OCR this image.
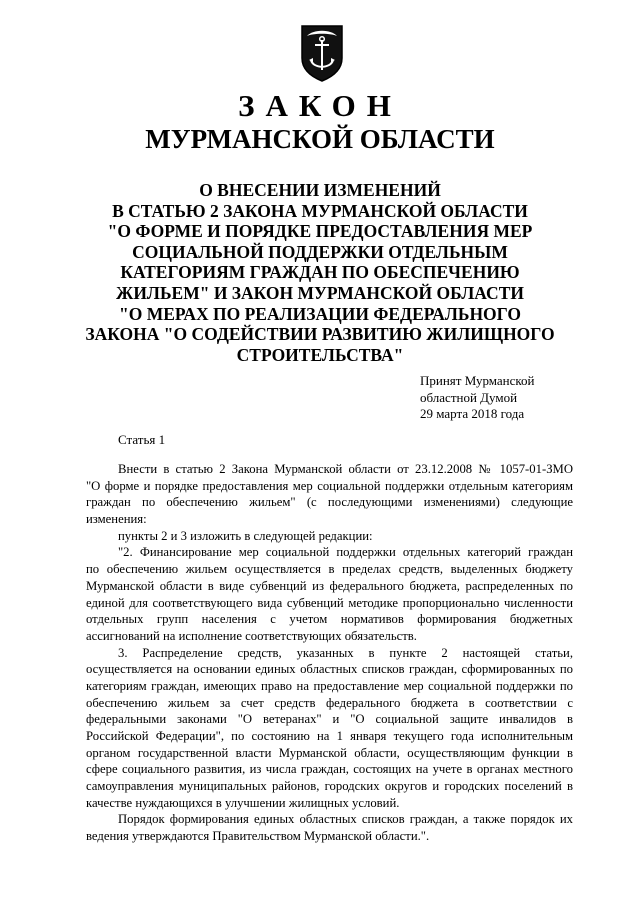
ЗАКОН
МУРМАНСКОЙ ОБЛАСТИ
О ВНЕСЕНИИ ИЗМЕНЕНИЙ
В СТАТЬЮ 2 ЗАКОНА МУРМАНСКОЙ ОБЛАСТИ
"О ФОРМЕ И ПОРЯДКЕ ПРЕДОСТАВЛЕНИЯ МЕР
СОЦИАЛЬНОЙ ПОДДЕРЖКИ ОТДЕЛЬНЫМ
КАТЕГОРИЯМ ГРАЖДАН ПО ОБЕСПЕЧЕНИЮ
ЖИЛЬЕМ" И ЗАКОН МУРМАНСКОЙ ОБЛАСТИ
"О МЕРАХ ПО РЕАЛИЗАЦИИ ФЕДЕРАЛЬНОГО
ЗАКОНА "О СОДЕЙСТВИИ РАЗВИТИЮ ЖИЛИЩНОГО
СТРОИТЕЛЬСТВА"
Принят Мурманской
областной Думой
29 марта 2018 года
Статья 1
Внести в статью 2 Закона Мурманской области от 23.12.2008 № 1057-01-ЗМО
"О форме и порядке предоставления мер социальной поддержки отдельным категориям
граждан по обеспечению жильем" (с последующими изменениями) следующие
изменения:
пункты 2 и 3 изложить в следующей редакции:
"2. Финансирование мер социальной поддержки отдельных категорий граждан
по обеспечению жильем осуществляется в пределах средств, выделенных бюджету
Мурманской области в виде субвенций из федерального бюджета, распределенных по
единой для соответствующего вида субвенций методике пропорционально численности
отдельных групп населения с учетом нормативов формирования бюджетных
ассигнований на исполнение соответствующих обязательств.
3. Распределение средств, указанных в пункте 2 настоящей статьи,
осуществляется на основании единых областных списков граждан, сформированных по
категориям граждан, имеющих право на предоставление мер социальной поддержки по
обеспечению жильем за счет средств федерального бюджета в соответствии с
федеральными законами "О ветеранах" и "О социальной защите инвалидов в
Российской Федерации", по состоянию на 1 января текущего года исполнительным
органом государственной власти Мурманской области, осуществляющим функции в
сфере социального развития, из числа граждан, состоящих на учете в органах местного
самоуправления муниципальных районов, городских округов и городских поселений в
качестве нуждающихся в улучшении жилищных условий.
Порядок формирования единых областных списков граждан, а также порядок их
ведения утверждаются Правительством Мурманской области.".
